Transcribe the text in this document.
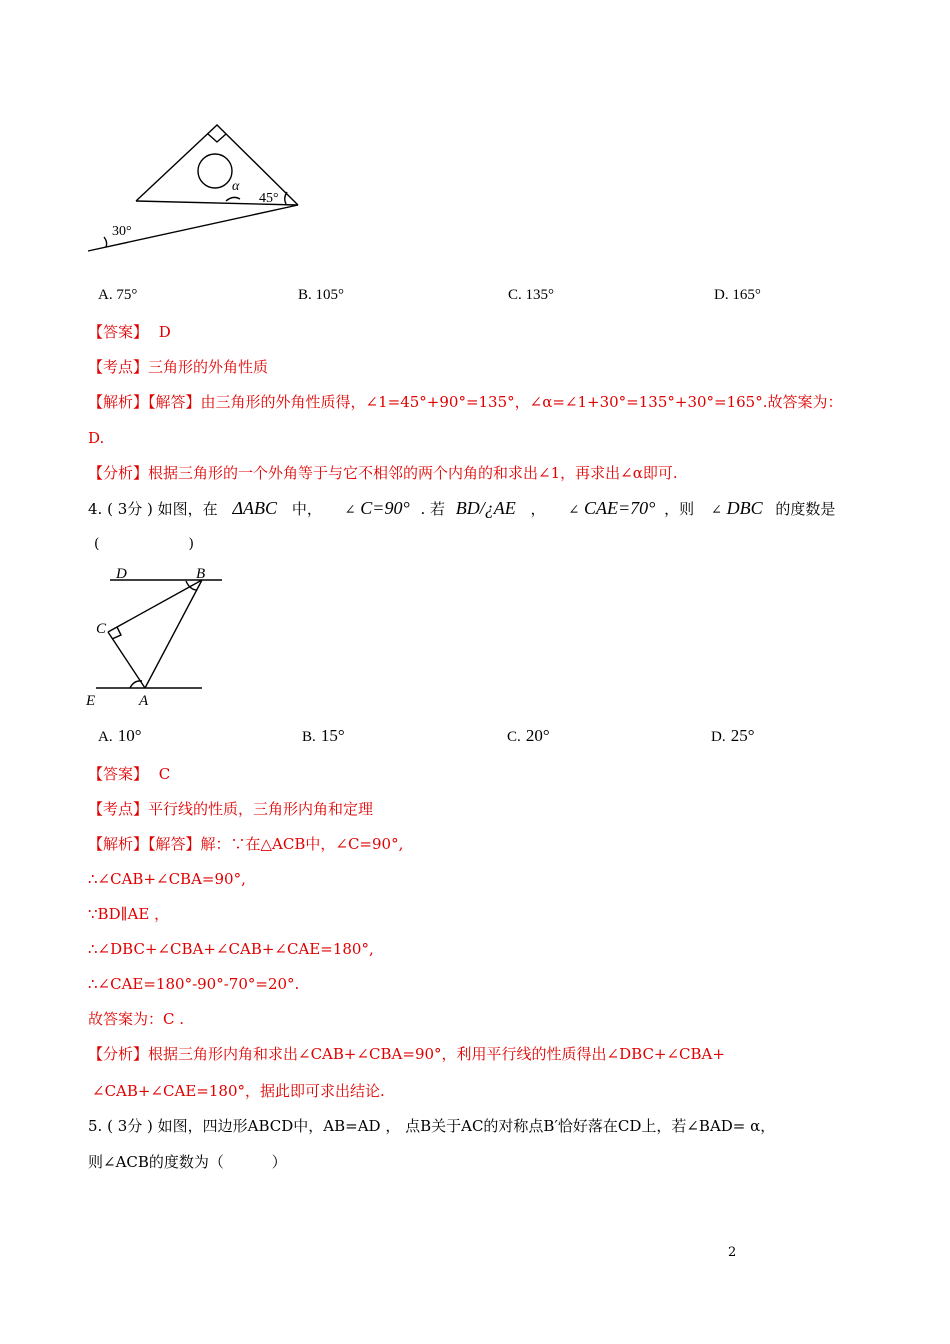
30°
45°
α
A. 75°	B. 105°	C. 135°	D. 165°
【答案】 D
【考点】三角形的外角性质
【解析】【解答】由三角形的外角性质得，∠1=45°+90°=135°，∠α=∠1+30°=135°+30°=165°.故答案为：
D.
【分析】根据三角形的一个外角等于与它不相邻的两个内角的和求出∠1，再求出∠α即可.
4. ( 3分 ) 如图，在 ΔABC 中， ∠ C=90° . 若 BD/¿AE ， ∠ CAE=70° ，则 ∠ DBC 的度数是
(                    )
D	B
C
E	A
A. 10°	B. 15°	C. 20°	D. 25°
【答案】 C
【考点】平行线的性质，三角形内角和定理
【解析】【解答】解：∵在△ACB中，∠C=90°,
∴∠CAB+∠CBA=90°,
∵BD∥AE ，
∴∠DBC+∠CBA+∠CAB+∠CAE=180°,
∴∠CAE=180°-90°-70°=20°.
故答案为：C .
【分析】根据三角形内角和求出∠CAB+∠CBA=90°，利用平行线的性质得出∠DBC+∠CBA+
∠CAB+∠CAE=180°，据此即可求出结论.
5. ( 3分 ) 如图，四边形ABCD中，AB=AD ， 点B关于AC的对称点B′恰好落在CD上，若∠BAD= α，
则∠ACB的度数为（          ）
2
